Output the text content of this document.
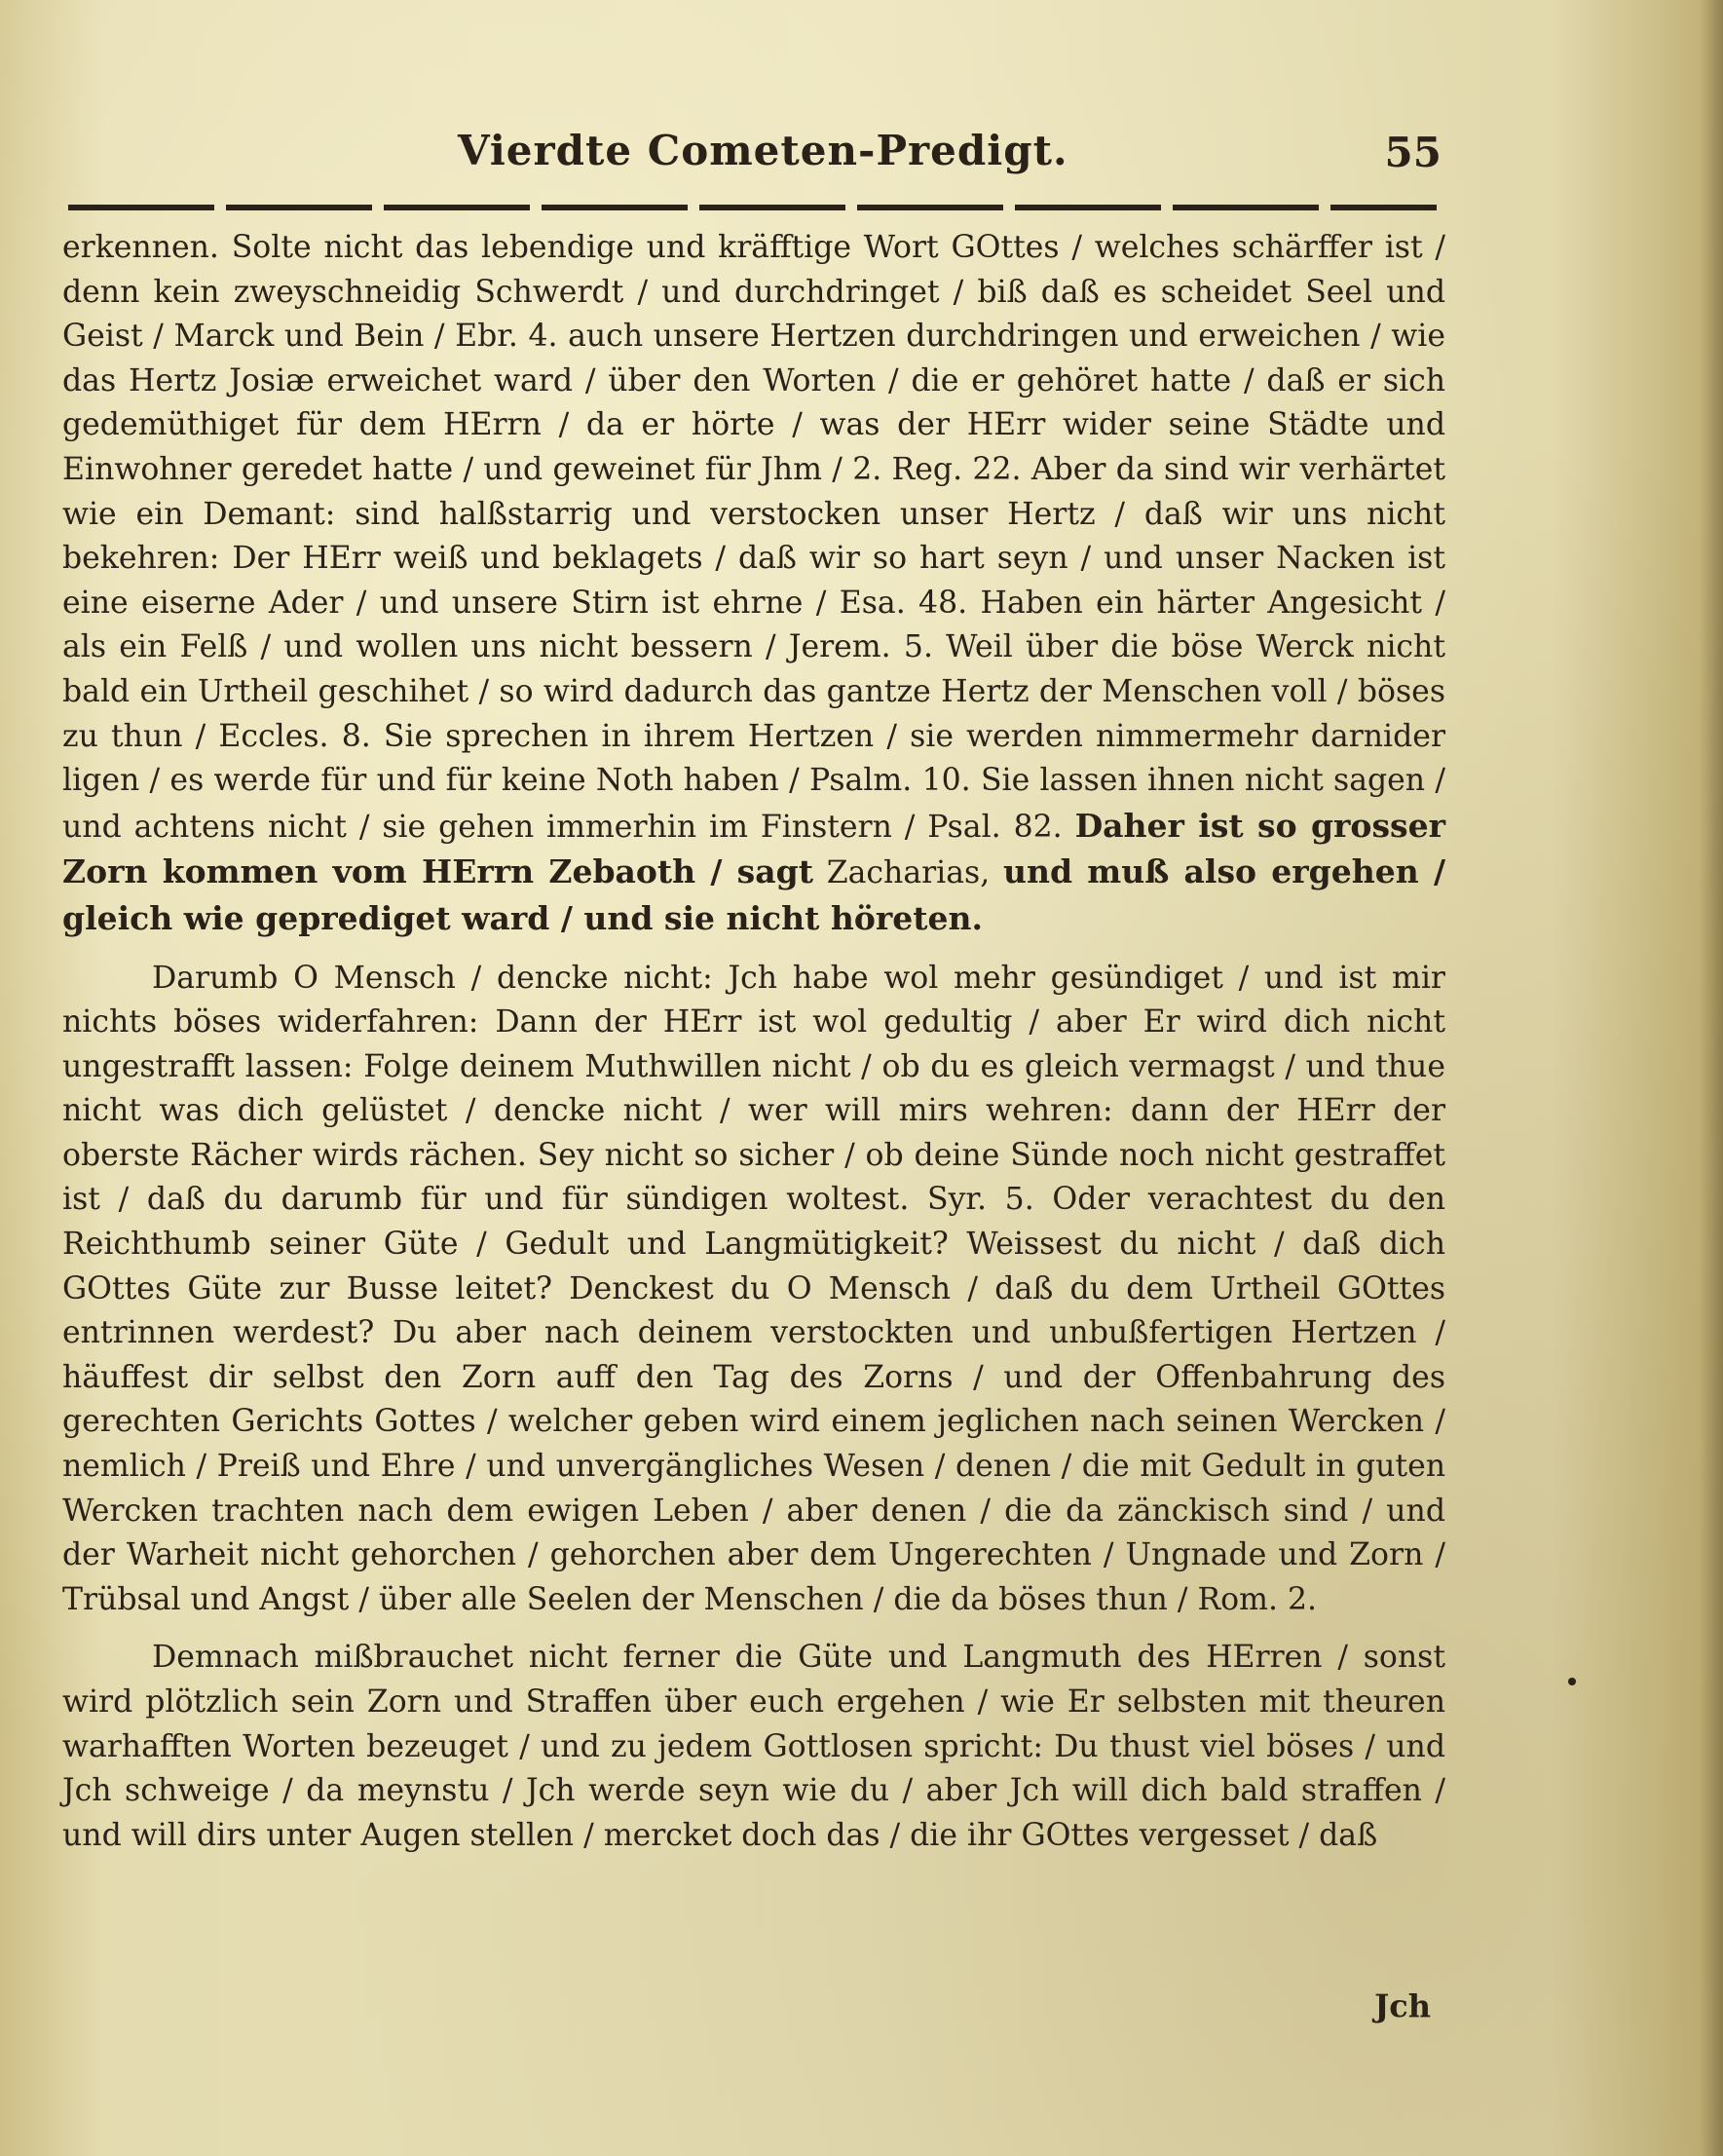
Vierdte Cometen-Predigt.	55

erkennen. Solte nicht das lebendige und kräfftige Wort GOttes / welches schärffer ist / denn kein zweyschneidig Schwerdt / und durchdringet / biß daß es scheidet Seel und Geist / Marck und Bein / Ebr. 4. auch unsere Hertzen durchdringen und erweichen / wie das Hertz Josiæ erweichet ward / über den Worten / die er gehöret hatte / daß er sich gedemüthiget für dem HErrn / da er hörte / was der HErr wider seine Städte und Einwohner geredet hatte / und geweinet für Jhm / 2. Reg. 22. Aber da sind wir verhärtet wie ein Demant: sind halßstarrig und verstocken unser Hertz / daß wir uns nicht bekehren: Der HErr weiß und beklagets / daß wir so hart seyn / und unser Nacken ist eine eiserne Ader / und unsere Stirn ist ehrne / Esa. 48. Haben ein härter Angesicht / als ein Felß / und wollen uns nicht bessern / Jerem. 5. Weil über die böse Werck nicht bald ein Urtheil geschihet / so wird dadurch das gantze Hertz der Menschen voll / böses zu thun / Eccles. 8. Sie sprechen in ihrem Hertzen / sie werden nimmermehr darnider ligen / es werde für und für keine Noth haben / Psalm. 10. Sie lassen ihnen nicht sagen / und achtens nicht / sie gehen immerhin im Finstern / Psal. 82. Daher ist so grosser Zorn kommen vom HErrn Zebaoth / sagt Zacharias, und muß also ergehen / gleich wie geprediget ward / und sie nicht höreten.

Darumb O Mensch / dencke nicht: Jch habe wol mehr gesündiget / und ist mir nichts böses widerfahren: Dann der HErr ist wol gedultig / aber Er wird dich nicht ungestrafft lassen: Folge deinem Muthwillen nicht / ob du es gleich vermagst / und thue nicht was dich gelüstet / dencke nicht / wer will mirs wehren: dann der HErr der oberste Rächer wirds rächen. Sey nicht so sicher / ob deine Sünde noch nicht gestraffet ist / daß du darumb für und für sündigen woltest. Syr. 5. Oder verachtest du den Reichthumb seiner Güte / Gedult und Langmütigkeit? Weissest du nicht / daß dich GOttes Güte zur Busse leitet? Denckest du O Mensch / daß du dem Urtheil GOttes entrinnen werdest? Du aber nach deinem verstockten und unbußfertigen Hertzen / häuffest dir selbst den Zorn auff den Tag des Zorns / und der Offenbahrung des gerechten Gerichts Gottes / welcher geben wird einem jeglichen nach seinen Wercken / nemlich / Preiß und Ehre / und unvergängliches Wesen / denen / die mit Gedult in guten Wercken trachten nach dem ewigen Leben / aber denen / die da zänckisch sind / und der Warheit nicht gehorchen / gehorchen aber dem Ungerechten / Ungnade und Zorn / Trübsal und Angst / über alle Seelen der Menschen / die da böses thun / Rom. 2.

Demnach mißbrauchet nicht ferner die Güte und Langmuth des HErren / sonst wird plötzlich sein Zorn und Straffen über euch ergehen / wie Er selbsten mit theuren warhafften Worten bezeuget / und zu jedem Gottlosen spricht: Du thust viel böses / und Jch schweige / da meynstu / Jch werde seyn wie du / aber Jch will dich bald straffen / und will dirs unter Augen stellen / mercket doch das / die ihr GOttes vergesset / daß

Jch
